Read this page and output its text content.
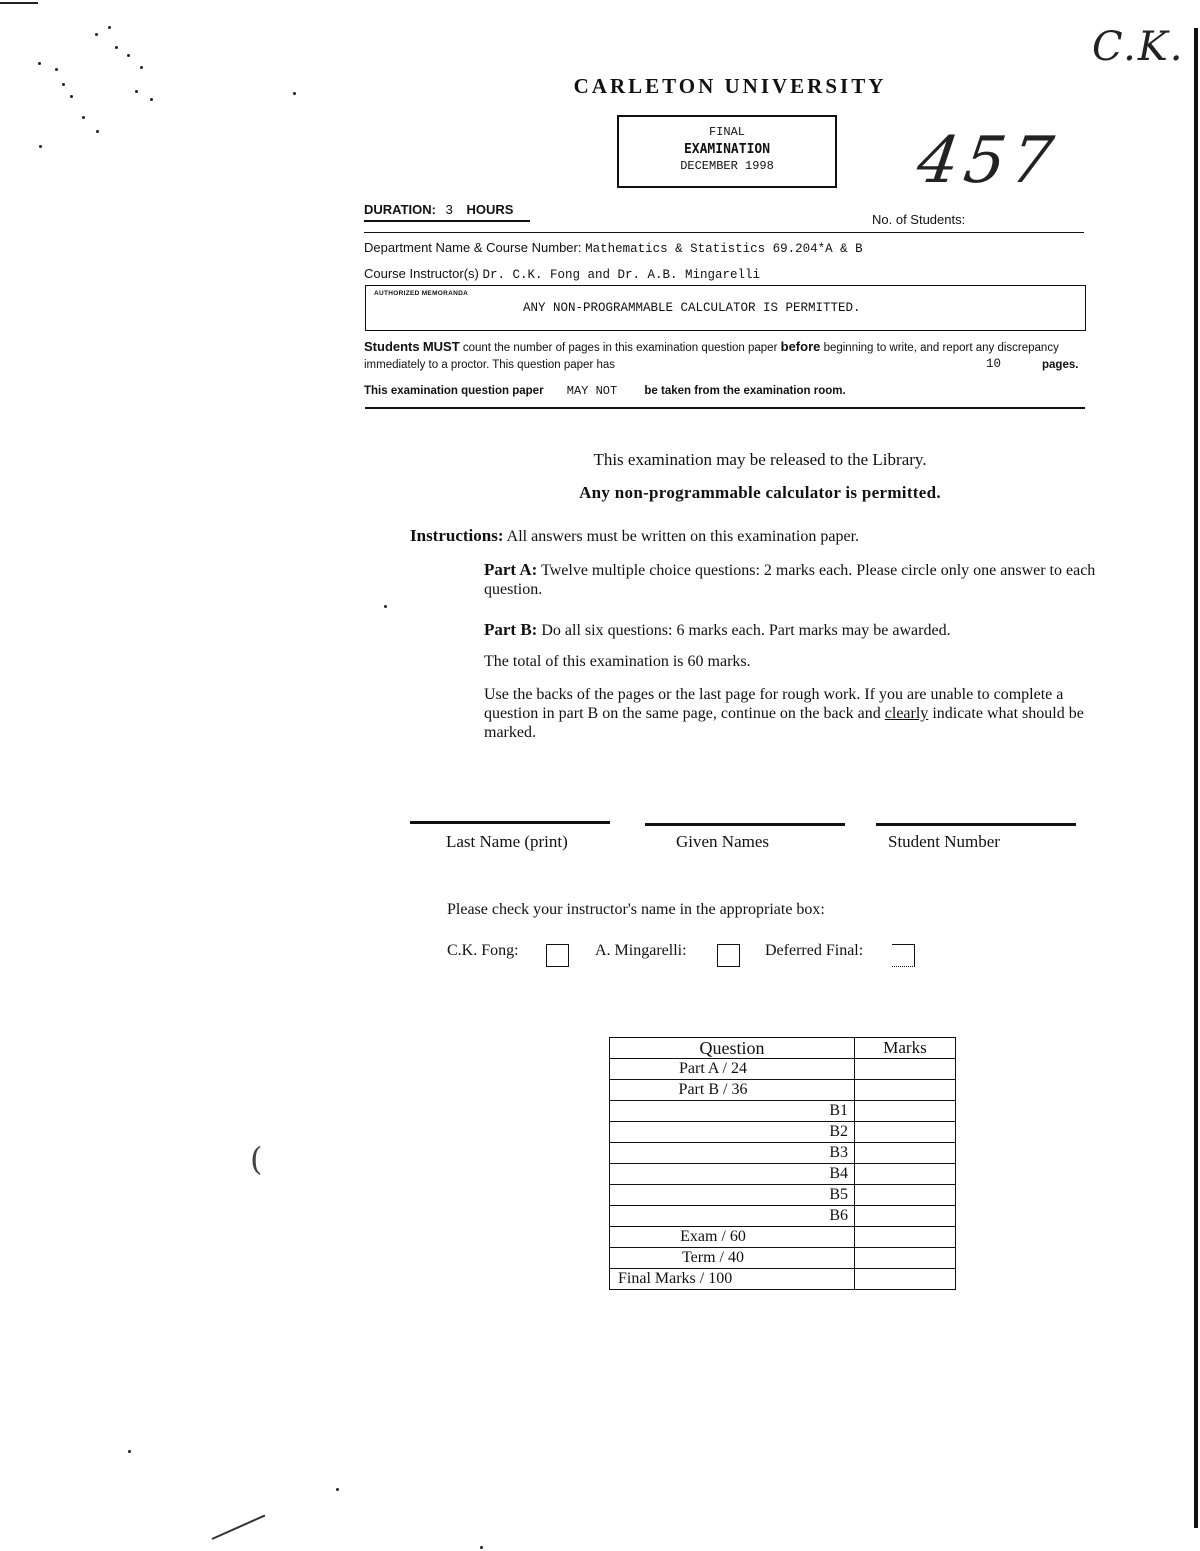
(
C.K.
457
CARLETON UNIVERSITY
FINAL
EXAMINATION
DECEMBER 1998
DURATION: 3 HOURS
No. of Students:
Department Name & Course Number: Mathematics & Statistics 69.204*A & B
Course Instructor(s) Dr. C.K. Fong and Dr. A.B. Mingarelli
AUTHORIZED MEMORANDA
ANY NON-PROGRAMMABLE CALCULATOR IS PERMITTED.
Students MUST count the number of pages in this examination question paper before beginning to write, and report any discrepancy immediately to a proctor. This question paper has	10	pages.
This examination question paper MAY NOT be taken from the examination room.
This examination may be released to the Library.
Any non-programmable calculator is permitted.
Instructions: All answers must be written on this examination paper.
Part A: Twelve multiple choice questions: 2 marks each. Please circle only one answer to each question.
Part B: Do all six questions: 6 marks each. Part marks may be awarded.
The total of this examination is 60 marks.
Use the backs of the pages or the last page for rough work. If you are unable to complete a question in part B on the same page, continue on the back and clearly indicate what should be marked.
Last Name (print)	Given Names	Student Number
Please check your instructor's name in the appropriate box:
C.K. Fong:	A. Mingarelli:	Deferred Final:
Question	Marks
Part A / 24	
Part B / 36	
B1	
B2	
B3	
B4	
B5	
B6	
Exam / 60	
Term / 40	
Final Marks / 100	
